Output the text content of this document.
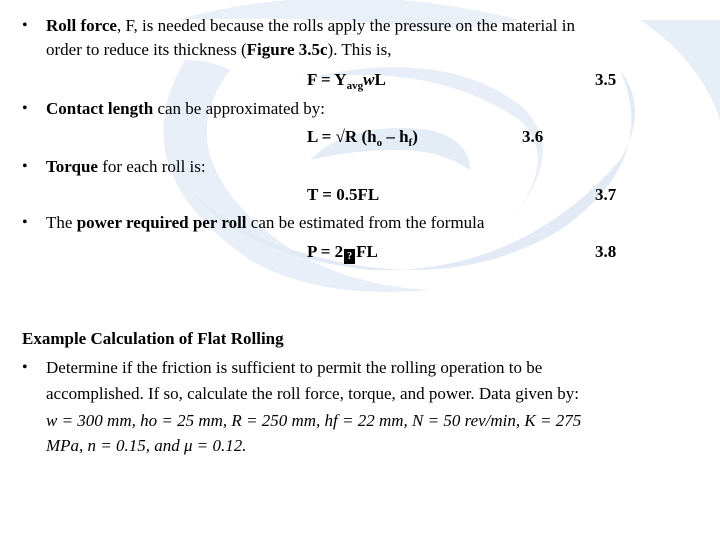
• Roll force, F, is needed because the rolls apply the pressure on the material in
order to reduce its thickness (Figure 3.5c). This is,
$F = Y_{avg}wL$	3.5
• Contact length can be approximated by:
L = √R $(h_o - h_f)$	3.6
• Torque for each roll is:
T = 0.5FL	3.7
• The power required per roll can be estimated from the formula
P = 2 ? FL	3.8
Example Calculation of Flat Rolling
• Determine if the friction is sufficient to permit the rolling operation to be
accomplished. If so, calculate the roll force, torque, and power. Data given by:
w = 300 mm, ho = 25 mm, R = 250 mm, hf = 22 mm, N = 50 rev/min, K = 275
MPa, n = 0.15, and μ = 0.12.
